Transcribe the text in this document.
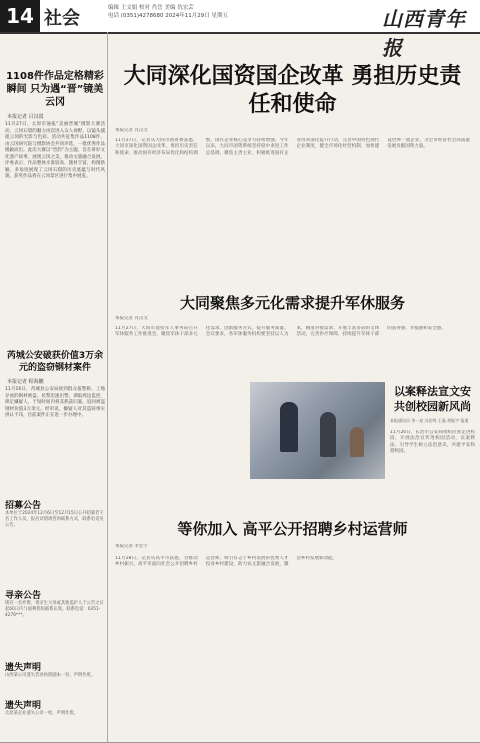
14 社会	编辑 王文娟 校对 肖岳 美编 仇宏芸
电话 (0351)4278680 2024年11月29日 星期五	山西青年报
1108件作品定格精彩瞬间 只为遇“晋”镜美云冈
本报记者 吕汉霞
11月27日，太原市通报“美丽晋城”摄影大赛活动，云冈石窟的魅力再次进入众人视野，以镜头捕捉云冈的光影与色彩。活动共征集作品1108件，由云冈研究院与摄影协会共同评选，一批优秀作品脱颖而出。此次大赛以“晋韵”为主题，旨在讲好文化遗产故事，展现云冈之美，推动文旅融合发展。评委表示，作品整体水准较高，题材丰富，构图新颖，多角度展现了云冈石窟的历史底蕴与时代风貌，获奖作品将在云冈景区进行集中展览。
芮城公安破获价值3万余元的盗窃钢材案件
本报记者 程海鹏
11月16日，芮城县公安局接到群众报警称，工地存放的钢材被盗。民警迅速出警，调取周边监控，锁定嫌疑人，于短时间内将其抓获归案，追回被盗钢材价值3万余元。经审讯，嫌疑人对其盗窃事实供认不讳，目前案件正在进一步办理中。
招募公告
本单位于2024年12月6日至12月15日公开招募若干名工作人员，报名详情请咨询联系方式，联系电话见公告。
寻亲公告
现有一名弃婴，请亲生父母或其他监护人于公告之日起60日内与福利机构联系认领。联系电话：0351-4276***。
遗失声明
山西某公司遗失营业执照副本一份，声明作废。
遗失声明
太原某企业遗失公章一枚，声明作废。
大同深化国资国企改革 勇担历史责任和使命
本报记者 肖汉文
11月27日，记者从大同市国资委获悉，大同市深化国资国企改革，勇担历史责任和使命，推动国有经济布局优化和结构调整，国有企业核心竞争力持续增强。今年以来，大同市国资系统坚持稳中求进工作总基调，聚焦主责主业，积极推进国有企业改革深化提升行动，完善中国特色现代企业制度，健全市场化经营机制，加快建设世界一流企业，为全市经济社会高质量发展贡献国资力量。
大同聚焦多元化需求提升军休服务
本报记者 肖汉文
11月27日，大同市退役军人事务局召开军休服务工作推进会，聚焦军休干部多元化需求，创新服务方式，提升服务质量。会议要求，各军休服务机构要坚持以人为本，精准对接需求，开展丰富多彩的文体活动，完善医疗保障，持续提升军休干部的获得感、幸福感和安全感。
以案释法宣文安 共创校园新风尚
本报通讯员 李一星 冯宏鸣 王磊 胡振宇 报道
11月26日，长治市公安局组织民警走进校园，开展法治宣传进校园活动，以案释法，引导学生树立法治意识，共建平安和谐校园。
等你加入 高平公开招聘乡村运营师
本报记者 李宏宇
11月28日，记者从高平市获悉，为推动乡村振兴，高平市面向社会公开招聘乡村运营师，吸引有志于乡村发展的优秀人才投身乡村建设，助力农文旅融合发展，激活乡村发展新动能。
